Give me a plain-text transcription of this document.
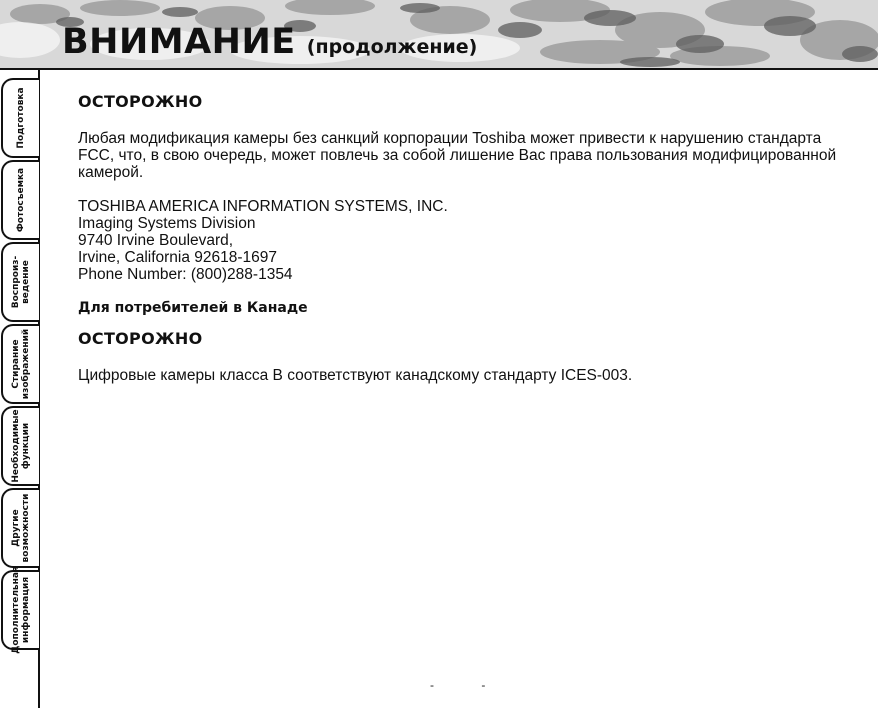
ВНИМАНИЕ (продолжение)
Подготовка
Фотосъемка
Воспроиз-
ведение
Стирание
изображений
Необходимые
функции
Другие
возможности
Дополнительная
информация
ОСТОРОЖНО

Любая модификация камеры без санкций корпорации Toshiba может привести к нарушению стандарта FCC, что, в свою очередь, может повлечь за собой лишение Вас права пользования модифицированной камерой.

TOSHIBA AMERICA INFORMATION SYSTEMS, INC.
Imaging Systems Division
9740 Irvine Boulevard,
Irvine, California 92618-1697
Phone Number: (800)288-1354
Для потребителей в Канаде
ОСТОРОЖНО

Цифровые камеры класса B соответствуют канадскому стандарту ICES-003.

- -
